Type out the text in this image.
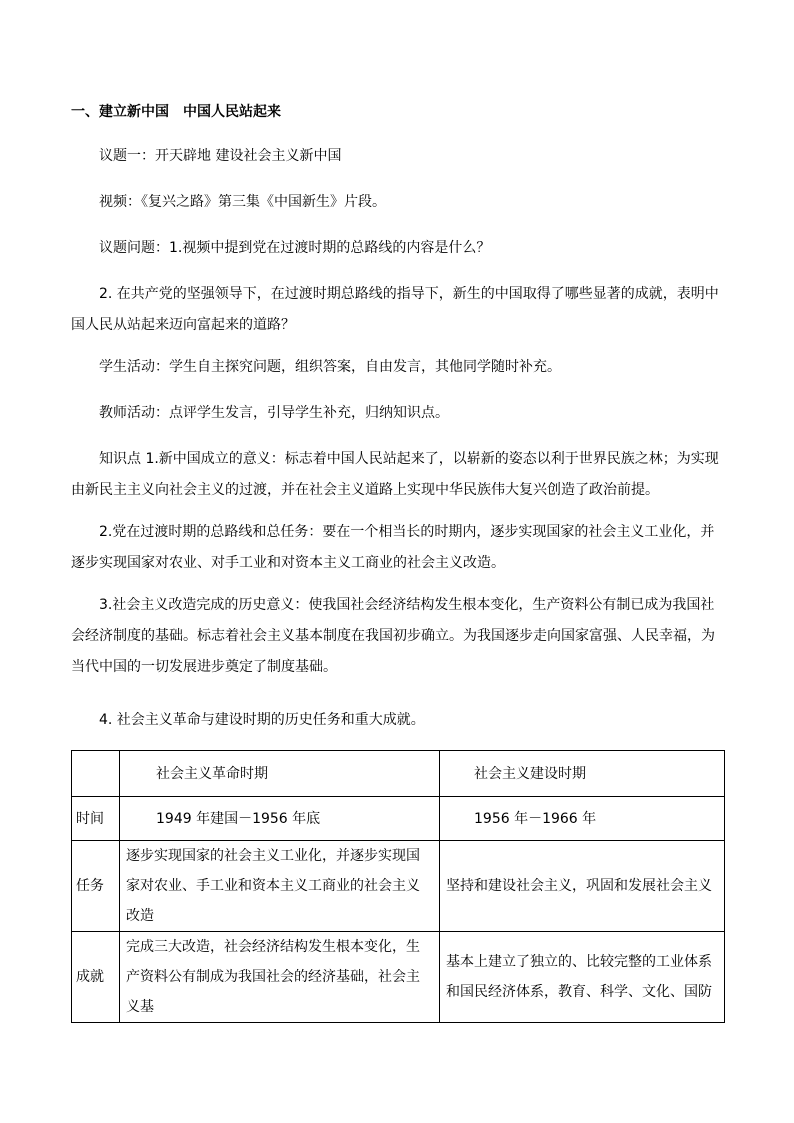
一、建立新中国　中国人民站起来

议题一：开天辟地 建设社会主义新中国

视频：《复兴之路》第三集《中国新生》片段。

议题问题：1.视频中提到党在过渡时期的总路线的内容是什么？

2. 在共产党的坚强领导下，在过渡时期总路线的指导下，新生的中国取得了哪些显著的成就，表明中国人民从站起来迈向富起来的道路？

学生活动：学生自主探究问题，组织答案，自由发言，其他同学随时补充。

教师活动：点评学生发言，引导学生补充，归纳知识点。

知识点 1.新中国成立的意义：标志着中国人民站起来了，以崭新的姿态以利于世界民族之林；为实现由新民主主义向社会主义的过渡，并在社会主义道路上实现中华民族伟大复兴创造了政治前提。

2.党在过渡时期的总路线和总任务：要在一个相当长的时期内，逐步实现国家的社会主义工业化，并逐步实现国家对农业、对手工业和对资本主义工商业的社会主义改造。

3.社会主义改造完成的历史意义：使我国社会经济结构发生根本变化，生产资料公有制已成为我国社会经济制度的基础。标志着社会主义基本制度在我国初步确立。为我国逐步走向国家富强、人民幸福，为当代中国的一切发展进步奠定了制度基础。

4. 社会主义革命与建设时期的历史任务和重大成就。

	社会主义革命时期	社会主义建设时期
时间	1949 年建国－1956 年底	1956 年－1966 年
任务	逐步实现国家的社会主义工业化，并逐步实现国家对农业、手工业和资本主义工商业的社会主义改造	坚持和建设社会主义，巩固和发展社会主义
成就	完成三大改造，社会经济结构发生根本变化，生产资料公有制成为我国社会的经济基础，社会主义基	基本上建立了独立的、比较完整的工业体系和国民经济体系，教育、科学、文化、国防
